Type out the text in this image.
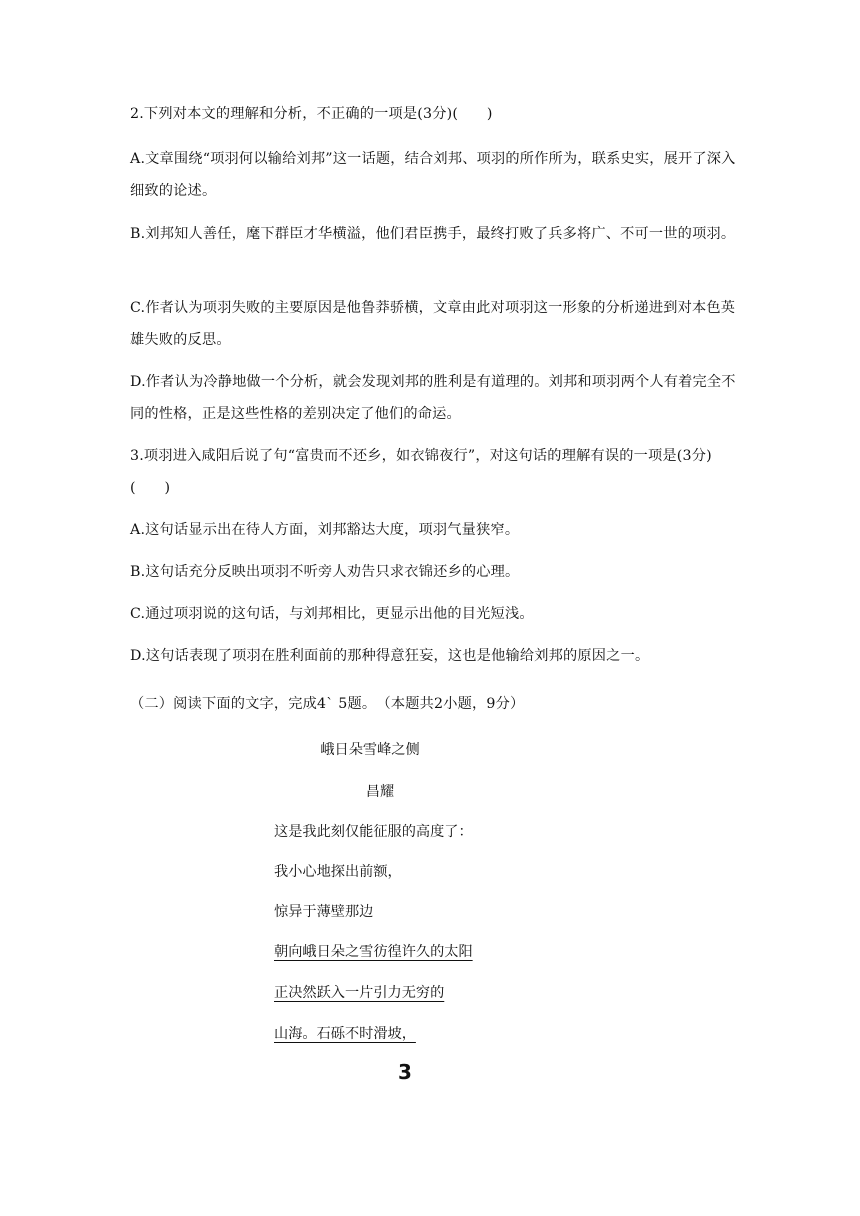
2.下列对本文的理解和分析，不正确的一项是(3分)(　　)

A.文章围绕“项羽何以输给刘邦”这一话题，结合刘邦、项羽的所作所为，联系史实，展开了深入细致的论述。

B.刘邦知人善任，麾下群臣才华横溢，他们君臣携手，最终打败了兵多将广、不可一世的项羽。

C.作者认为项羽失败的主要原因是他鲁莽骄横，文章由此对项羽这一形象的分析递进到对本色英雄失败的反思。

D.作者认为冷静地做一个分析，就会发现刘邦的胜利是有道理的。刘邦和项羽两个人有着完全不同的性格，正是这些性格的差别决定了他们的命运。

3.项羽进入咸阳后说了句“富贵而不还乡，如衣锦夜行”，对这句话的理解有误的一项是(3分)(　　)

A.这句话显示出在待人方面，刘邦豁达大度，项羽气量狭窄。

B.这句话充分反映出项羽不听旁人劝告只求衣锦还乡的心理。

C.通过项羽说的这句话，与刘邦相比，更显示出他的目光短浅。

D.这句话表现了项羽在胜利面前的那种得意狂妄，这也是他输给刘邦的原因之一。

（二）阅读下面的文字，完成4` 5题。　（本题共2小题，9分）

峨日朵雪峰之侧

昌耀

这是我此刻仅能征服的高度了：

我小心地探出前额，

惊异于薄壁那边

朝向峨日朵之雪彷徨许久的太阳

正决然跃入一片引力无穷的

山海。石砾不时滑坡，

3
